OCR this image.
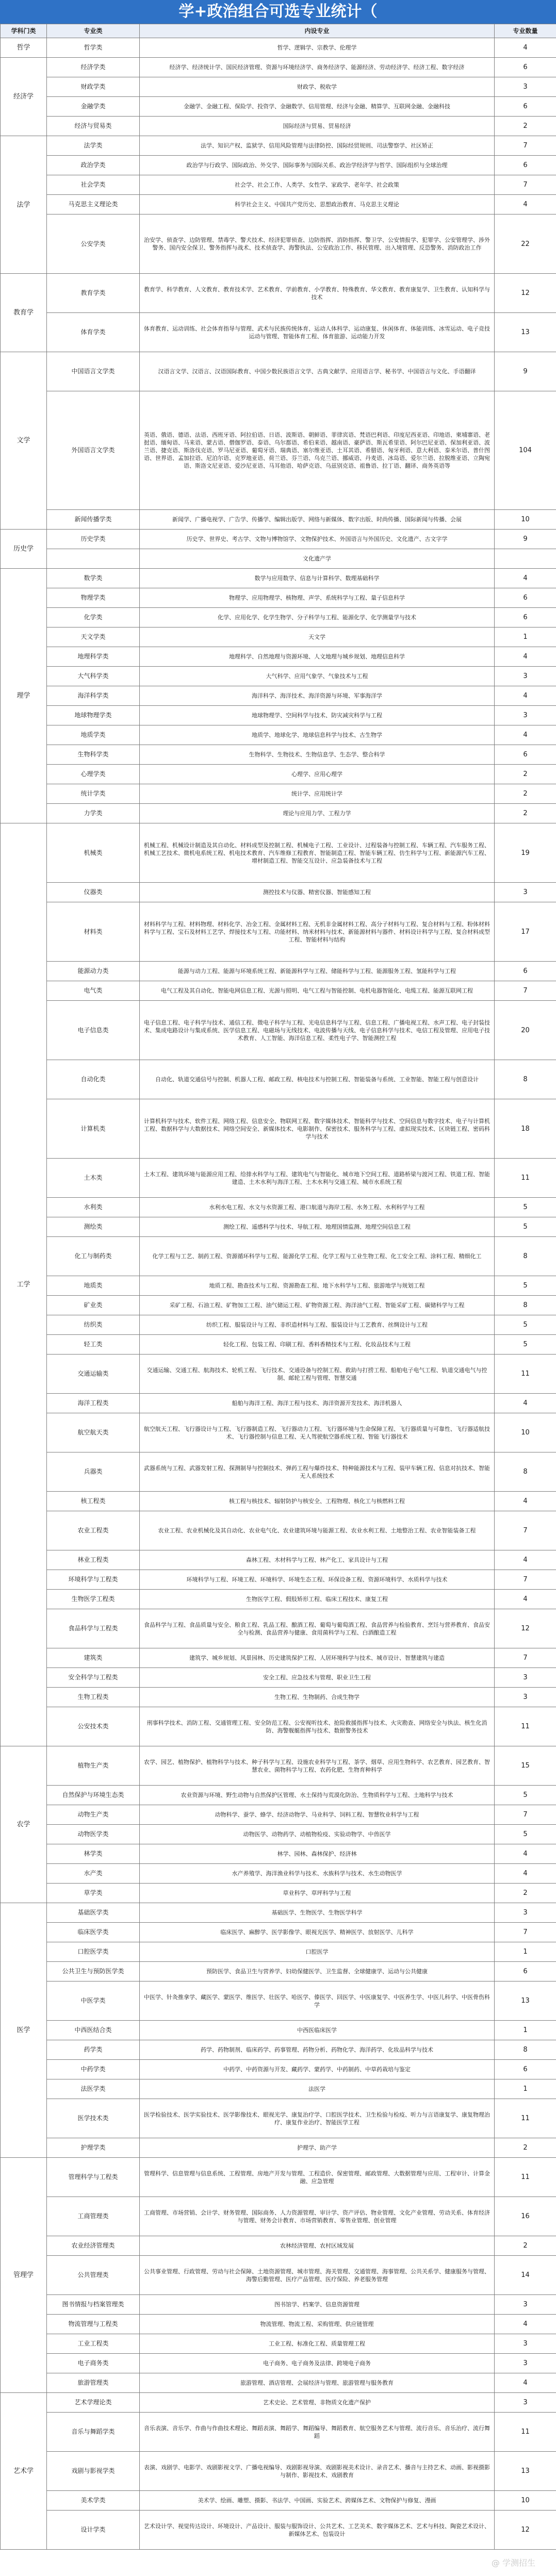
学+政治组合可选专业统计（
学科门类	专业类	内设专业	专业数量
哲学	哲学类	哲学、逻辑学、宗教学、伦理学	4
经济学	经济学类	经济学、经济统计学、国民经济管理、资源与环境经济学、商务经济学、能源经济、劳动经济学、经济工程、数字经济	6
	财政学类	财政学、税收学	3
	金融学类	金融学、金融工程、保险学、投资学、金融数学、信用管理、经济与金融、精算学、互联网金融、金融科技	6
	经济与贸易类	国际经济与贸易、贸易经济	2
法学	法学类	法学、知识产权、监狱学、信用风险管理与法律防控、国际经贸规则、司法警察学、社区矫正	7
	政治学类	政治学与行政学、国际政治、外交学、国际事务与国际关系、政治学经济学与哲学、国际组织与全球治理	6
	社会学类	社会学、社会工作、人类学、女性学、家政学、老年学、社会政策	7
	马克思主义理论类	科学社会主义、中国共产党历史、思想政治教育、马克思主义理论	4
	公安学类	治安学、侦查学、边防管理、禁毒学、警犬技术、经济犯罪侦查、边防指挥、消防指挥、警卫学、公安情报学、犯罪学、公安管理学、涉外警务、国内安全保卫、警务指挥与战术、技术侦查学、海警执法、公安政治工作、移民管理、出入境管理、反恐警务、消防政治工作	22
教育学	教育学类	教育学、科学教育、人文教育、教育技术学、艺术教育、学前教育、小学教育、特殊教育、华文教育、教育康复学、卫生教育、认知科学与技术	12
	体育学类	体育教育、运动训练、社会体育指导与管理、武术与民族传统体育、运动人体科学、运动康复、休闲体育、体能训练、冰雪运动、电子竞技运动与管理、智能体育工程、体育旅游、运动能力开发	13
文学	中国语言文学类	汉语言文学、汉语言、汉语国际教育、中国少数民族语言文学、古典文献学、应用语言学、秘书学、中国语言与文化、手语翻译	9
	外国语言文学类	英语、俄语、德语、法语、西班牙语、阿拉伯语、日语、波斯语、朝鲜语、菲律宾语、梵语巴利语、印度尼西亚语、印地语、柬埔寨语、老挝语、缅甸语、马来语、蒙古语、僧伽罗语、泰语、乌尔都语、希伯来语、越南语、豪萨语、斯瓦希里语、阿尔巴尼亚语、保加利亚语、波兰语、捷克语、斯洛伐克语、罗马尼亚语、葡萄牙语、瑞典语、塞尔维亚语、土耳其语、希腊语、匈牙利语、意大利语、泰米尔语、普什图语、世界语、孟加拉语、尼泊尔语、克罗地亚语、荷兰语、芬兰语、乌克兰语、挪威语、丹麦语、冰岛语、爱尔兰语、拉脱维亚语、立陶宛语、斯洛文尼亚语、爱沙尼亚语、马耳他语、哈萨克语、乌兹别克语、祖鲁语、拉丁语、翻译、商务英语等	104
	新闻传播学类	新闻学、广播电视学、广告学、传播学、编辑出版学、网络与新媒体、数字出版、时尚传播、国际新闻与传播、会展	10
历史学	历史学类	历史学、世界史、考古学、文物与博物馆学、文物保护技术、外国语言与外国历史、文化遗产、古文字学	9
		文化遗产学	
理学	数学类	数学与应用数学、信息与计算科学、数理基础科学	4
	物理学类	物理学、应用物理学、核物理、声学、系统科学与工程、量子信息科学	6
	化学类	化学、应用化学、化学生物学、分子科学与工程、能源化学、化学测量学与技术	6
	天文学类	天文学	1
	地理科学类	地理科学、自然地理与资源环境、人文地理与城乡规划、地理信息科学	4
	大气科学类	大气科学、应用气象学、气象技术与工程	3
	海洋科学类	海洋科学、海洋技术、海洋资源与环境、军事海洋学	4
	地球物理学类	地球物理学、空间科学与技术、防灾减灾科学与工程	3
	地质学类	地质学、地球化学、地球信息科学与技术、古生物学	4
	生物科学类	生物科学、生物技术、生物信息学、生态学、整合科学	6
	心理学类	心理学、应用心理学	2
	统计学类	统计学、应用统计学	2
	力学类	理论与应用力学、工程力学	2
工学	机械类	机械工程、机械设计制造及其自动化、材料成型及控制工程、机械电子工程、工业设计、过程装备与控制工程、车辆工程、汽车服务工程、机械工艺技术、微机电系统工程、机电技术教育、汽车维修工程教育、智能制造工程、智能车辆工程、仿生科学与工程、新能源汽车工程、增材制造工程、智能交互设计、应急装备技术与工程	19
	仪器类	测控技术与仪器、精密仪器、智能感知工程	3
	材料类	材料科学与工程、材料物理、材料化学、冶金工程、金属材料工程、无机非金属材料工程、高分子材料与工程、复合材料与工程、粉体材料科学与工程、宝石及材料工艺学、焊接技术与工程、功能材料、纳米材料与技术、新能源材料与器件、材料设计科学与工程、复合材料成型工程、智能材料与结构	17
	能源动力类	能源与动力工程、能源与环境系统工程、新能源科学与工程、储能科学与工程、能源服务工程、氢能科学与工程	6
	电气类	电气工程及其自动化、智能电网信息工程、光源与照明、电气工程与智能控制、电机电器智能化、电缆工程、能源互联网工程	7
	电子信息类	电子信息工程、电子科学与技术、通信工程、微电子科学与工程、光电信息科学与工程、信息工程、广播电视工程、水声工程、电子封装技术、集成电路设计与集成系统、医学信息工程、电磁场与无线技术、电波传播与天线、电子信息科学与技术、电信工程及管理、应用电子技术教育、人工智能、海洋信息工程、柔性电子学、智能测控工程	20
	自动化类	自动化、轨道交通信号与控制、机器人工程、邮政工程、核电技术与控制工程、智能装备与系统、工业智能、智能工程与创意设计	8
	计算机类	计算机科学与技术、软件工程、网络工程、信息安全、物联网工程、数字媒体技术、智能科学与技术、空间信息与数字技术、电子与计算机工程、数据科学与大数据技术、网络空间安全、新媒体技术、电影制作、保密技术、服务科学与工程、虚拟现实技术、区块链工程、密码科学与技术	18
	土木类	土木工程、建筑环境与能源应用工程、给排水科学与工程、建筑电气与智能化、城市地下空间工程、道路桥梁与渡河工程、铁道工程、智能建造、土木水利与海洋工程、土木水利与交通工程、城市水系统工程	11
	水利类	水利水电工程、水文与水资源工程、港口航道与海岸工程、水务工程、水利科学与工程	5
	测绘类	测绘工程、遥感科学与技术、导航工程、地理国情监测、地理空间信息工程	5
	化工与制药类	化学工程与工艺、制药工程、资源循环科学与工程、能源化学工程、化学工程与工业生物工程、化工安全工程、涂料工程、精细化工	8
	地质类	地质工程、勘查技术与工程、资源勘查工程、地下水科学与工程、旅游地学与规划工程	5
	矿业类	采矿工程、石油工程、矿物加工工程、油气储运工程、矿物资源工程、海洋油气工程、智能采矿工程、碳储科学与工程	8
	纺织类	纺织工程、服装设计与工程、非织造材料与工程、服装设计与工艺教育、丝绸设计与工程	5
	轻工类	轻化工程、包装工程、印刷工程、香料香精技术与工程、化妆品技术与工程	5
	交通运输类	交通运输、交通工程、航海技术、轮机工程、飞行技术、交通设备与控制工程、救助与打捞工程、船舶电子电气工程、轨道交通电气与控制、邮轮工程与管理、智慧交通	11
	海洋工程类	船舶与海洋工程、海洋工程与技术、海洋资源开发技术、海洋机器人	4
	航空航天类	航空航天工程、飞行器设计与工程、飞行器制造工程、飞行器动力工程、飞行器环境与生命保障工程、飞行器质量与可靠性、飞行器适航技术、飞行器控制与信息工程、无人驾驶航空器系统工程、智能飞行器技术	10
	兵器类	武器系统与工程、武器发射工程、探测制导与控制技术、弹药工程与爆炸技术、特种能源技术与工程、装甲车辆工程、信息对抗技术、智能无人系统技术	8
	核工程类	核工程与核技术、辐射防护与核安全、工程物理、核化工与核燃料工程	4
	农业工程类	农业工程、农业机械化及其自动化、农业电气化、农业建筑环境与能源工程、农业水利工程、土地整治工程、农业智能装备工程	7
	林业工程类	森林工程、木材科学与工程、林产化工、家具设计与工程	4
	环境科学与工程类	环境科学与工程、环境工程、环境科学、环境生态工程、环保设备工程、资源环境科学、水质科学与技术	7
	生物医学工程类	生物医学工程、假肢矫形工程、临床工程技术、康复工程	4
	食品科学与工程类	食品科学与工程、食品质量与安全、粮食工程、乳品工程、酿酒工程、葡萄与葡萄酒工程、食品营养与检验教育、烹饪与营养教育、食品安全与检测、食品营养与健康、食用菌科学与工程、白酒酿造工程	12
	建筑类	建筑学、城乡规划、风景园林、历史建筑保护工程、人居环境科学与技术、城市设计、智慧建筑与建造	7
	安全科学与工程类	安全工程、应急技术与管理、职业卫生工程	3
	生物工程类	生物工程、生物制药、合成生物学	3
	公安技术类	刑事科学技术、消防工程、交通管理工程、安全防范工程、公安视听技术、抢险救援指挥与技术、火灾勘查、网络安全与执法、核生化消防、海警舰艇指挥与技术、数据警务技术	11
农学	植物生产类	农学、园艺、植物保护、植物科学与技术、种子科学与工程、设施农业科学与工程、茶学、烟草、应用生物科学、农艺教育、园艺教育、智慧农业、菌物科学与工程、农药化肥、生物育种科学	15
	自然保护与环境生态类	农业资源与环境、野生动物与自然保护区管理、水土保持与荒漠化防治、生物质科学与工程、土地科学与技术	5
	动物生产类	动物科学、蚕学、蜂学、经济动物学、马业科学、饲料工程、智慧牧业科学与工程	7
	动物医学类	动物医学、动物药学、动植物检疫、实验动物学、中兽医学	5
	林学类	林学、园林、森林保护、经济林	4
	水产类	水产养殖学、海洋渔业科学与技术、水族科学与技术、水生动物医学	4
	草学类	草业科学、草坪科学与工程	2
医学	基础医学类	基础医学、生物医学、生物医学科学	3
	临床医学类	临床医学、麻醉学、医学影像学、眼视光医学、精神医学、放射医学、儿科学	7
	口腔医学类	口腔医学	1
	公共卫生与预防医学类	预防医学、食品卫生与营养学、妇幼保健医学、卫生监督、全球健康学、运动与公共健康	6
	中医学类	中医学、针灸推拿学、藏医学、蒙医学、维医学、壮医学、哈医学、傣医学、回医学、中医康复学、中医养生学、中医儿科学、中医骨伤科学	13
	中西医结合类	中西医临床医学	1
	药学类	药学、药物制剂、临床药学、药事管理、药物分析、药物化学、海洋药学、化妆品科学与技术	8
	中药学类	中药学、中药资源与开发、藏药学、蒙药学、中药制药、中草药栽培与鉴定	6
	法医学类	法医学	1
	医学技术类	医学检验技术、医学实验技术、医学影像技术、眼视光学、康复治疗学、口腔医学技术、卫生检验与检疫、听力与言语康复学、康复物理治疗、康复作业治疗、智能医学工程	11
	护理学类	护理学、助产学	2
管理学	管理科学与工程类	管理科学、信息管理与信息系统、工程管理、房地产开发与管理、工程造价、保密管理、邮政管理、大数据管理与应用、工程审计、计算金融、应急管理	11
	工商管理类	工商管理、市场营销、会计学、财务管理、国际商务、人力资源管理、审计学、资产评估、物业管理、文化产业管理、劳动关系、体育经济与管理、财务会计教育、市场营销教育、零售业管理、创业管理	16
	农业经济管理类	农林经济管理、农村区域发展	2
	公共管理类	公共事业管理、行政管理、劳动与社会保障、土地资源管理、城市管理、海关管理、交通管理、海事管理、公共关系学、健康服务与管理、海警后勤管理、医疗产品管理、医疗保险、养老服务管理	14
	图书情报与档案管理类	图书馆学、档案学、信息资源管理	3
	物流管理与工程类	物流管理、物流工程、采购管理、供应链管理	4
	工业工程类	工业工程、标准化工程、质量管理工程	3
	电子商务类	电子商务、电子商务及法律、跨境电子商务	3
	旅游管理类	旅游管理、酒店管理、会展经济与管理、旅游管理与服务教育	4
艺术学	艺术学理论类	艺术史论、艺术管理、非物质文化遗产保护	3
	音乐与舞蹈学类	音乐表演、音乐学、作曲与作曲技术理论、舞蹈表演、舞蹈学、舞蹈编导、舞蹈教育、航空服务艺术与管理、流行音乐、音乐治疗、流行舞蹈	11
	戏剧与影视学类	表演、戏剧学、电影学、戏剧影视文学、广播电视编导、戏剧影视导演、戏剧影视美术设计、录音艺术、播音与主持艺术、动画、影视摄影与制作、影视技术、戏剧教育	13
	美术学类	美术学、绘画、雕塑、摄影、书法学、中国画、实验艺术、跨媒体艺术、文物保护与修复、漫画	10
	设计学类	艺术设计学、视觉传达设计、环境设计、产品设计、服装与服饰设计、公共艺术、工艺美术、数字媒体艺术、艺术与科技、陶瓷艺术设计、新媒体艺术、包装设计	12
@ 学测招生
